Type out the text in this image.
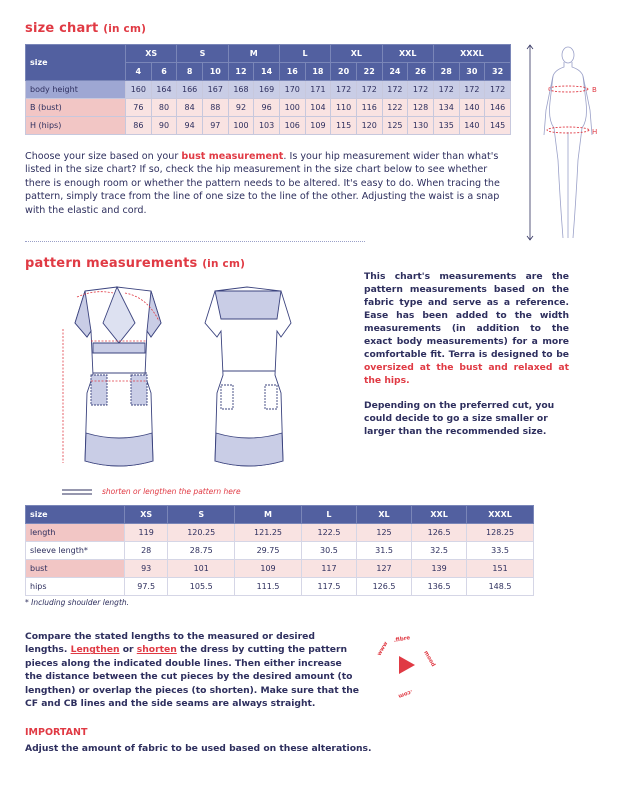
size chart (in cm)
size	XS		S		M		L		XL		XXL		XXXL		
	4	6	8	10	12	14	16	18	20	22	24	26	28	30	32
body height	160	164	166	167	168	169	170	171	172	172	172	172	172	172	172
B (bust)	76	80	84	88	92	96	100	104	110	116	122	128	134	140	146
H (hips)	86	90	94	97	100	103	106	109	115	120	125	130	135	140	145
B
H
Choose your size based on your bust measurement. Is your hip measurement wider than what's listed in the size chart? If so, check the hip measurement in the size chart below to see whether there is enough room or whether the pattern needs to be altered. It's easy to do. When tracing the pattern, simply trace from the line of one size to the line of the other. Adjusting the waist is a snap with the elastic and cord.
pattern measurements (in cm)
shorten or lengthen the pattern here
This chart's measurements are the pattern measurements based on the fabric type and serve as a reference. Ease has been added to the width measurements (in addition to the exact body measurements) for a more comfortable fit. Terra is designed to be oversized at the bust and relaxed at the hips.
Depending on the preferred cut, you could decide to go a size smaller or larger than the recommended size.
size	XS	S	M	L	XL	XXL	XXXL
length	119	120.25	121.25	122.5	125	126.5	128.25
sleeve length*	28	28.75	29.75	30.5	31.5	32.5	33.5
bust	93	101	109	117	127	139	151
hips	97.5	105.5	111.5	117.5	126.5	136.5	148.5
* Including shoulder length.
Compare the stated lengths to the measured or desired lengths. Lengthen or shorten the dress by cutting the pattern pieces along the indicated double lines. Then either increase the distance between the cut pieces by the desired amount (to lengthen) or overlap the pieces (to shorten). Make sure that the CF and CB lines and the side seams are always straight.
www
.fibre
mood
.com
IMPORTANT
Adjust the amount of fabric to be used based on these alterations.
